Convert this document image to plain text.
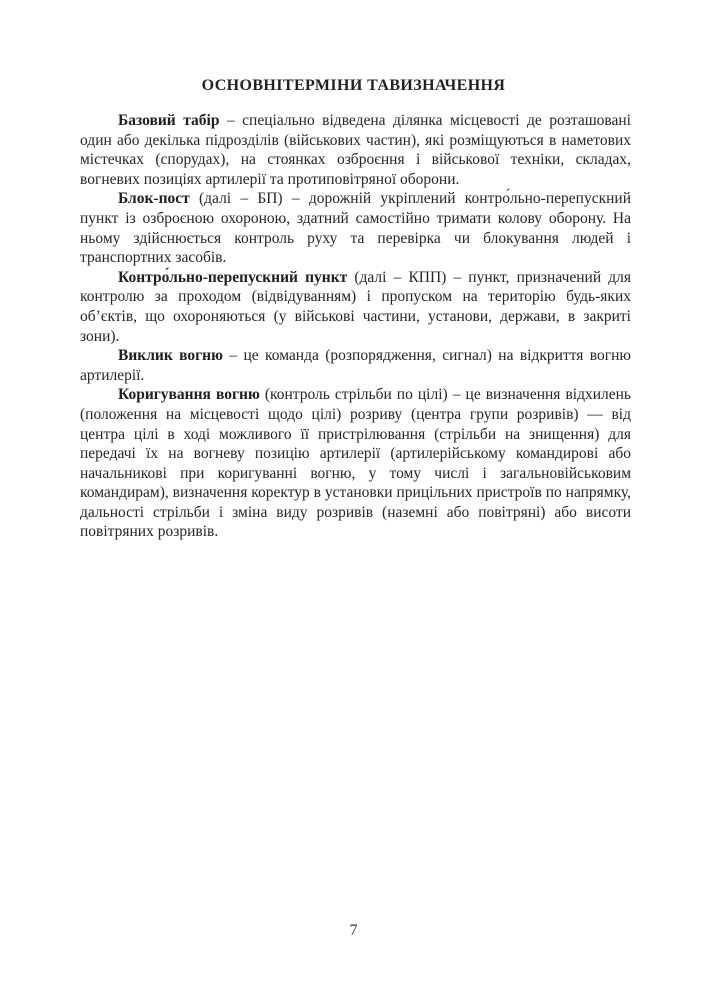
ОСНОВНІТЕРМІНИ ТАВИЗНАЧЕННЯ

Базовий табір – спеціально відведена ділянка місцевості де розташовані один або декілька підрозділів (військових частин), які розміщуються в наметових містечках (спорудах), на стоянках озброєння і військової техніки, складах, вогневих позиціях артилерії та протиповітряної оборони.

Блок-пост (далі – БП) – дорожній укріплений контро́льно-перепускний пункт із озброєною охороною, здатний самостійно тримати колову оборону. На ньому здійснюється контроль руху та перевірка чи блокування людей і транспортних засобів.

Контро́льно-перепускний пункт (далі – КПП) – пункт, призначений для контролю за проходом (відвідуванням) і пропуском на територію будь-яких об’єктів, що охороняються (у військові частини, установи, держави, в закриті зони).

Виклик вогню – це команда (розпорядження, сигнал) на відкриття вогню артилерії.

Коригування вогню (контроль стрільби по цілі) – це визначення відхилень (положення на місцевості щодо цілі) розриву (центра групи розривів) — від центра цілі в ході можливого її пристрілювання (стрільби на знищення) для передачі їх на вогневу позицію артилерії (артилерійському командирові або начальникові при коригуванні вогню, у тому числі і загальновійськовим командирам), визначення коректур в установки прицільних пристроїв по напрямку, дальності стрільби і зміна виду розривів (наземні або повітряні) або висоти повітряних розривів.

7
